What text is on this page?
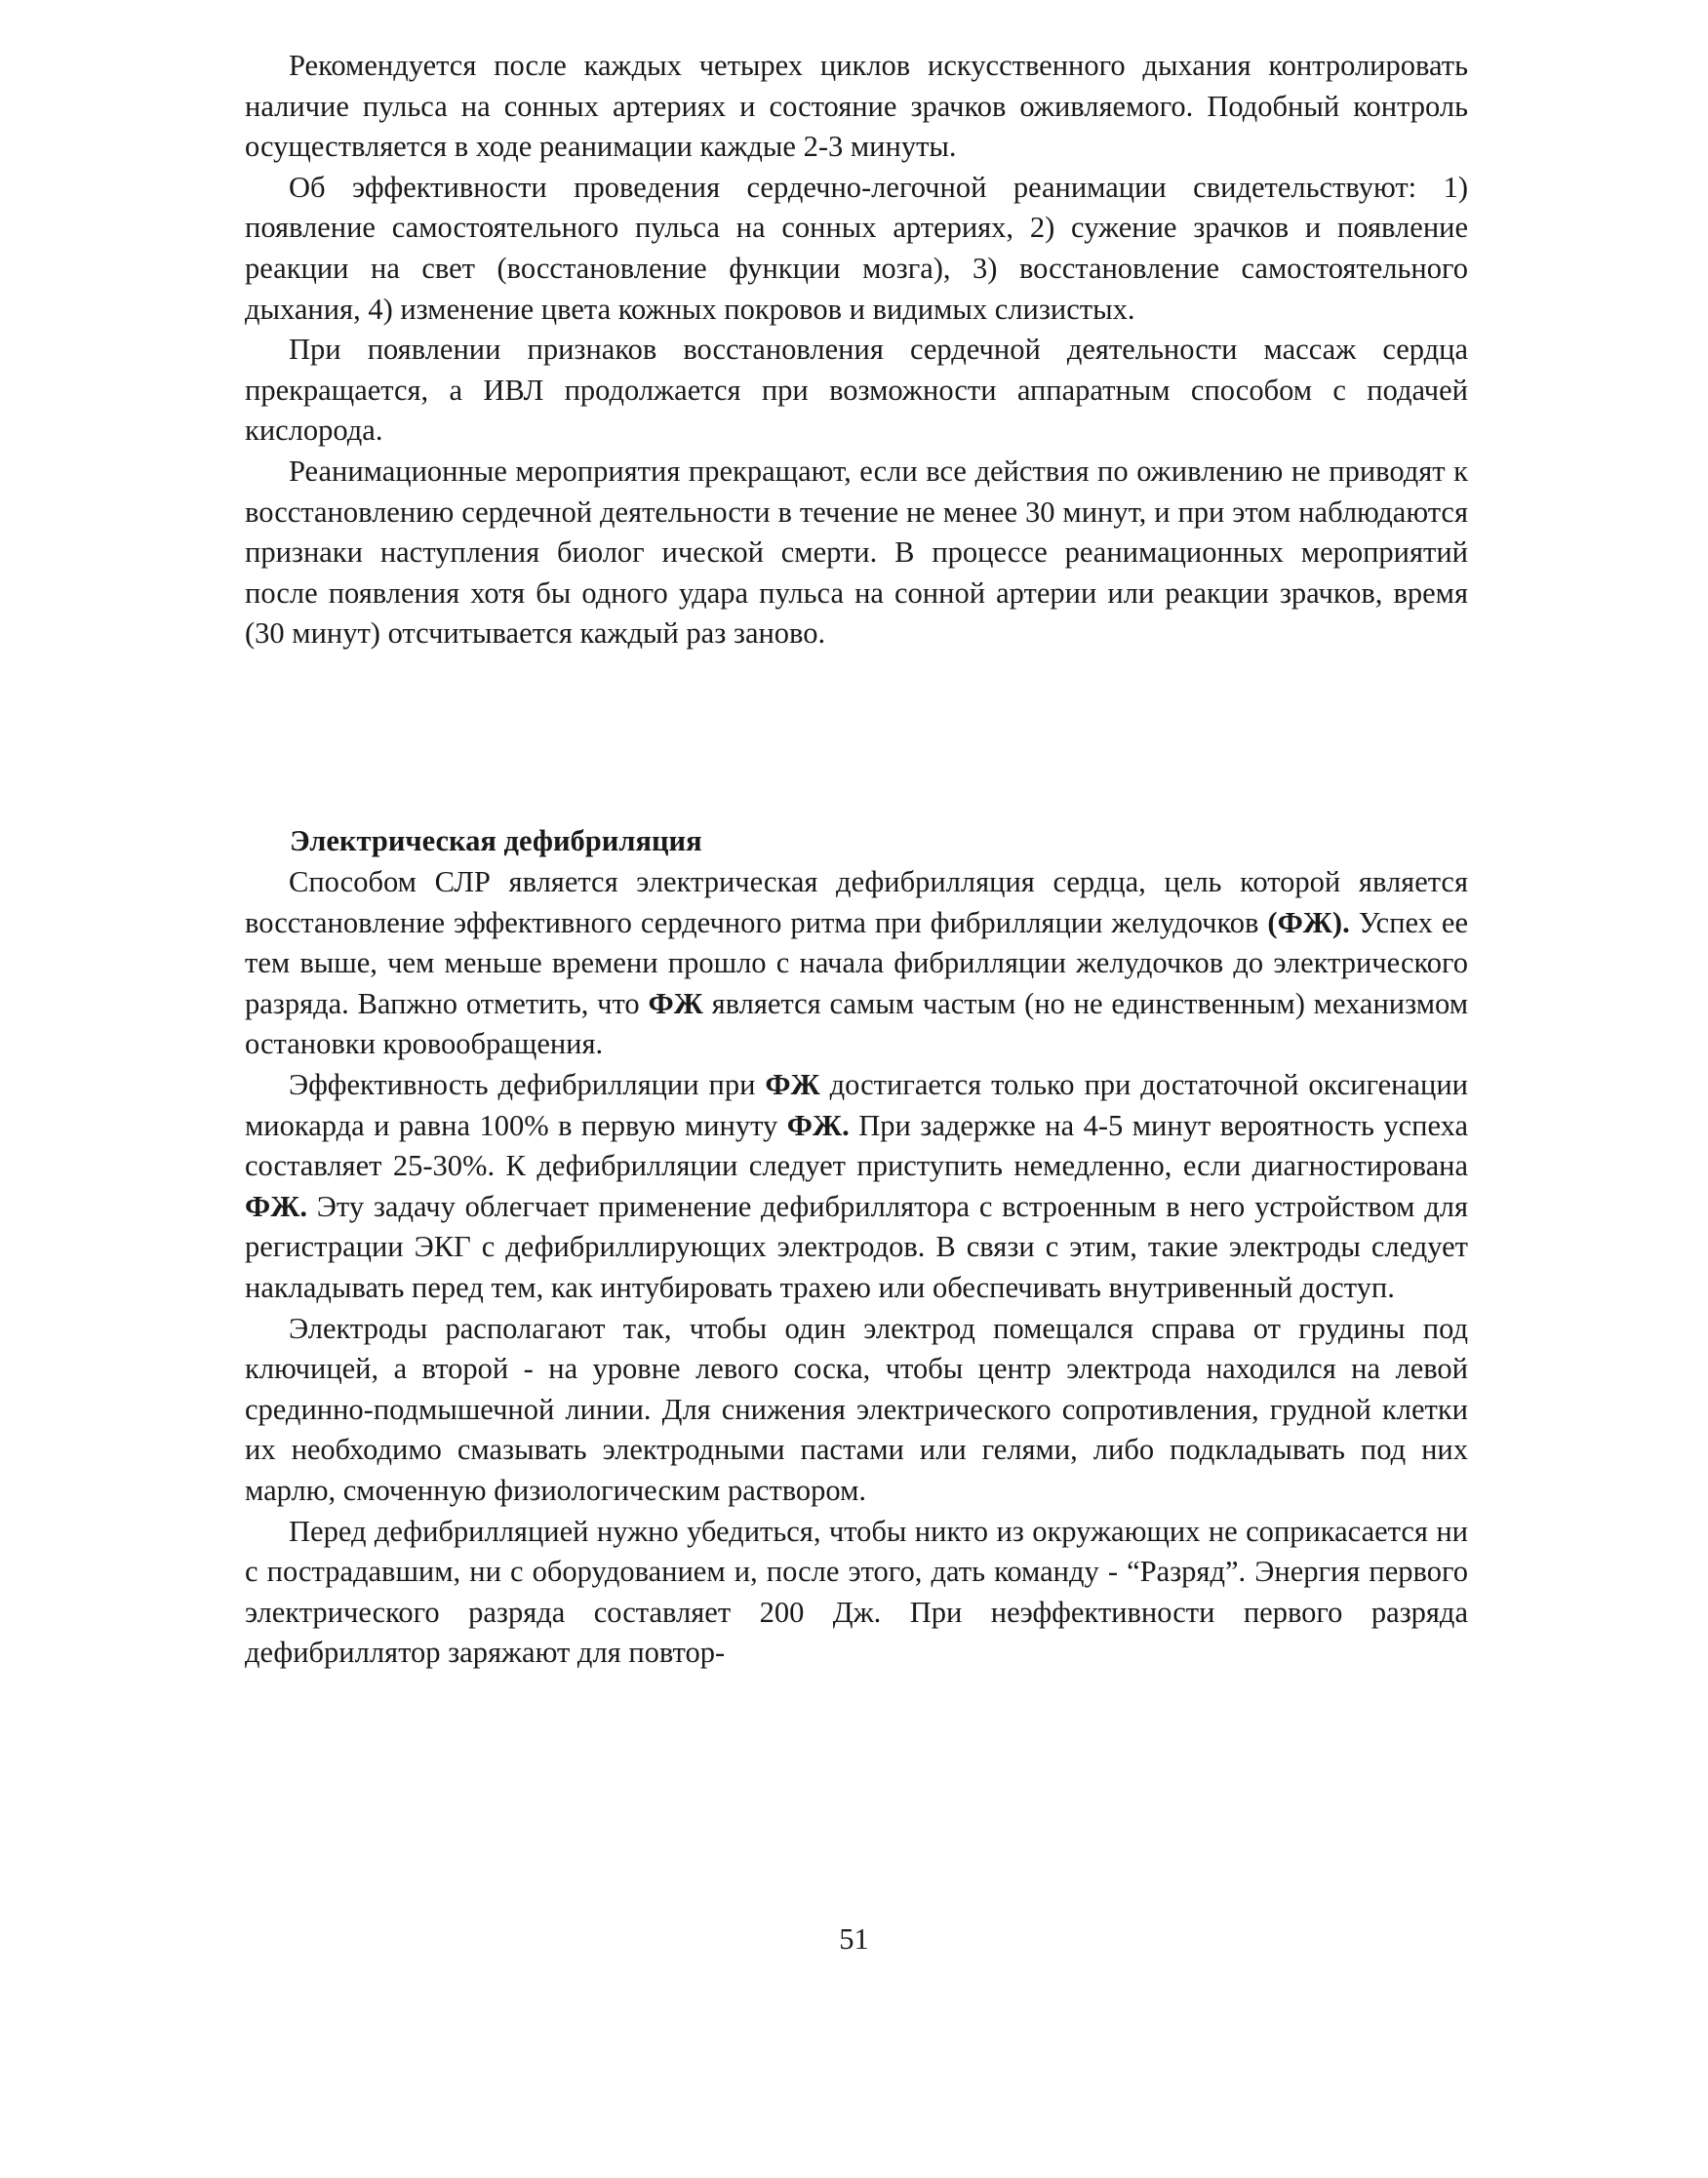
Рекомендуется после каждых четырех циклов искусственного дыхания контролировать наличие пульса на сонных артериях и состояние зрачков оживляемого. Подобный контроль осуществляется в ходе реанимации каждые 2-3 минуты.

Об эффективности проведения сердечно-легочной реанимации свидетельствуют: 1) появление самостоятельного пульса на сонных артериях, 2) сужение зрачков и появление реакции на свет (восстановление функции мозга), 3) восстановление самостоятельного дыхания, 4) изменение цвета кожных покровов и видимых слизистых.

При появлении признаков восстановления сердечной деятельности массаж сердца прекращается, а ИВЛ продолжается при возможности аппаратным способом с подачей кислорода.

Реанимационные мероприятия прекращают, если все действия по оживлению не приводят к восстановлению сердечной деятельности в течение не менее 30 минут, и при этом наблюдаются признаки наступления биолог ической смерти. В процессе реанимационных мероприятий после появления хотя бы одного удара пульса на сонной артерии или реакции зрачков, время (30 минут) отсчитывается каждый раз заново.

Электрическая дефибриляция

Способом СЛР является электрическая дефибрилляция сердца, цель которой является восстановление эффективного сердечного ритма при фибрилляции желудочков (ФЖ). Успех ее тем выше, чем меньше времени прошло с начала фибрилляции желудочков до электрического разряда. Вапжно отметить, что ФЖ является самым частым (но не единственным) механизмом остановки кровообращения.

Эффективность дефибрилляции при ФЖ достигается только при достаточной оксигенации миокарда и равна 100% в первую минуту ФЖ. При задержке на 4-5 минут вероятность успеха составляет 25-30%. К дефибрилляции следует приступить немедленно, если диагностирована ФЖ. Эту задачу облегчает применение дефибриллятора с встроенным в него устройством для регистрации ЭКГ с дефибриллирующих электродов. В связи с этим, такие электроды следует накладывать перед тем, как интубировать трахею или обеспечивать внутривенный доступ.

Электроды располагают так, чтобы один электрод помещался справа от грудины под ключицей, а второй - на уровне левого соска, чтобы центр электрода находился на левой срединно-подмышечной линии. Для снижения электрического сопротивления, грудной клетки их необходимо смазывать электродными пастами или гелями, либо подкладывать под них марлю, смоченную физиологическим раствором.

Перед дефибрилляцией нужно убедиться, чтобы никто из окружающих не соприкасается ни с пострадавшим, ни с оборудованием и, после этого, дать команду - “Разряд”. Энергия первого электрического разряда составляет 200 Дж. При неэффективности первого разряда дефибриллятор заряжают для повтор-

51
